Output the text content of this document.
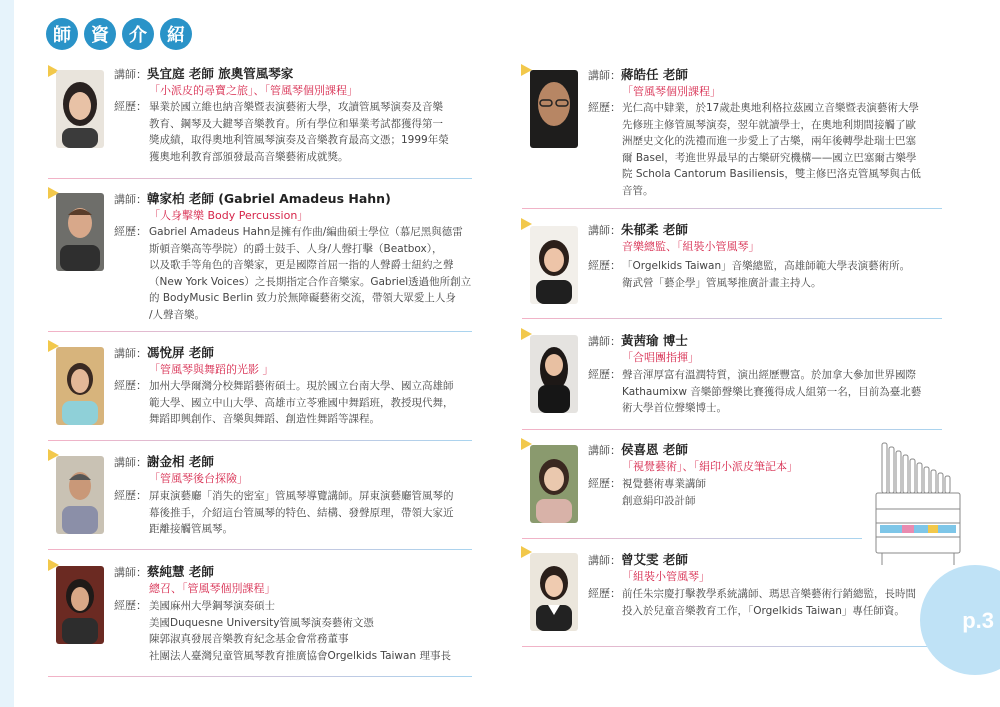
師	資	介	紹
講師：吳宜庭 老師 旅奧管風琴家
「小派皮的尋寶之旅」、「管風琴個別課程」
經歷： 畢業於國立維也納音樂暨表演藝術大學，攻讀管風琴演奏及音樂
教育、鋼琴及大鍵琴音樂教育。所有學位和畢業考試都獲得第一
獎成績，取得奧地利管風琴演奏及音樂教育最高文憑；1999年榮
獲奧地利教育部頒發最高音樂藝術成就獎。
講師：韓家柏 老師 (Gabriel Amadeus Hahn)
「人身擊樂 Body Percussion」
經歷： Gabriel Amadeus Hahn是擁有作曲/編曲碩士學位（慕尼黑與德雷
斯頓音樂高等學院）的爵士鼓手、人身/人聲打擊（Beatbox），
以及歌手等角色的音樂家，更是國際首屈一指的人聲爵士紐約之聲
（New York Voices）之長期指定合作音樂家。Gabriel透過他所創立
的 BodyMusic Berlin 致力於無障礙藝術交流，帶領大眾愛上人身
/人聲音樂。
講師：馮悅屏 老師
「管風琴與舞蹈的光影 」
經歷： 加州大學爾灣分校舞蹈藝術碩士。現於國立台南大學、國立高雄師
範大學、國立中山大學、高雄市立苓雅國中舞蹈班，教授現代舞，
舞蹈即興創作、音樂與舞蹈、創造性舞蹈等課程。
講師：謝金相 老師
「管風琴後台探險」
經歷： 屏東演藝廳「消失的密室」管風琴導覽講師。屏東演藝廳管風琴的
幕後推手，介紹這台管風琴的特色、結構、發聲原理，帶領大家近
距離接觸管風琴。
講師：蔡純慧 老師
總召、「管風琴個別課程」
經歷： 美國麻州大學鋼琴演奏碩士
美國Duquesne University管風琴演奏藝術文憑
陳郭淑真發展音樂教育紀念基金會常務董事
社團法人臺灣兒童管風琴教育推廣協會Orgelkids Taiwan 理事長
講師：蔣皓任 老師
「管風琴個別課程」
經歷： 光仁高中肄業，於17歲赴奧地利格拉茲國立音樂暨表演藝術大學
先修班主修管風琴演奏，翌年就讀學士，在奧地利期間接觸了歐
洲歷史文化的洗禮而進一步愛上了古樂，兩年後轉學赴瑞士巴塞
爾 Basel，考進世界最早的古樂研究機構——國立巴塞爾古樂學
院 Schola Cantorum Basiliensis，雙主修巴洛克管風琴與古低
音管。
講師：朱郁柔 老師
音樂總監、「組裝小管風琴」
經歷： 「Orgelkids Taiwan」音樂總監，高雄師範大學表演藝術所。
衛武營「藝企學」管風琴推廣計畫主持人。
講師：黃茜瑜 博士
「合唱團指揮」
經歷： 聲音渾厚富有溫潤特質，演出經歷豐富。於加拿大參加世界國際
Kathaumixw 音樂節聲樂比賽獲得成人組第一名，目前為臺北藝
術大學首位聲樂博士。
講師：侯喜恩 老師
「視覺藝術」、「絹印小派皮筆記本」
經歷： 視覺藝術專業講師
創意絹印設計師
講師：曾艾雯 老師
「組裝小管風琴」
經歷： 前任朱宗慶打擊教學系統講師、瑪思音樂藝術行銷總監，長時間
投入於兒童音樂教育工作，「Orgelkids Taiwan」專任師資。	p.3
